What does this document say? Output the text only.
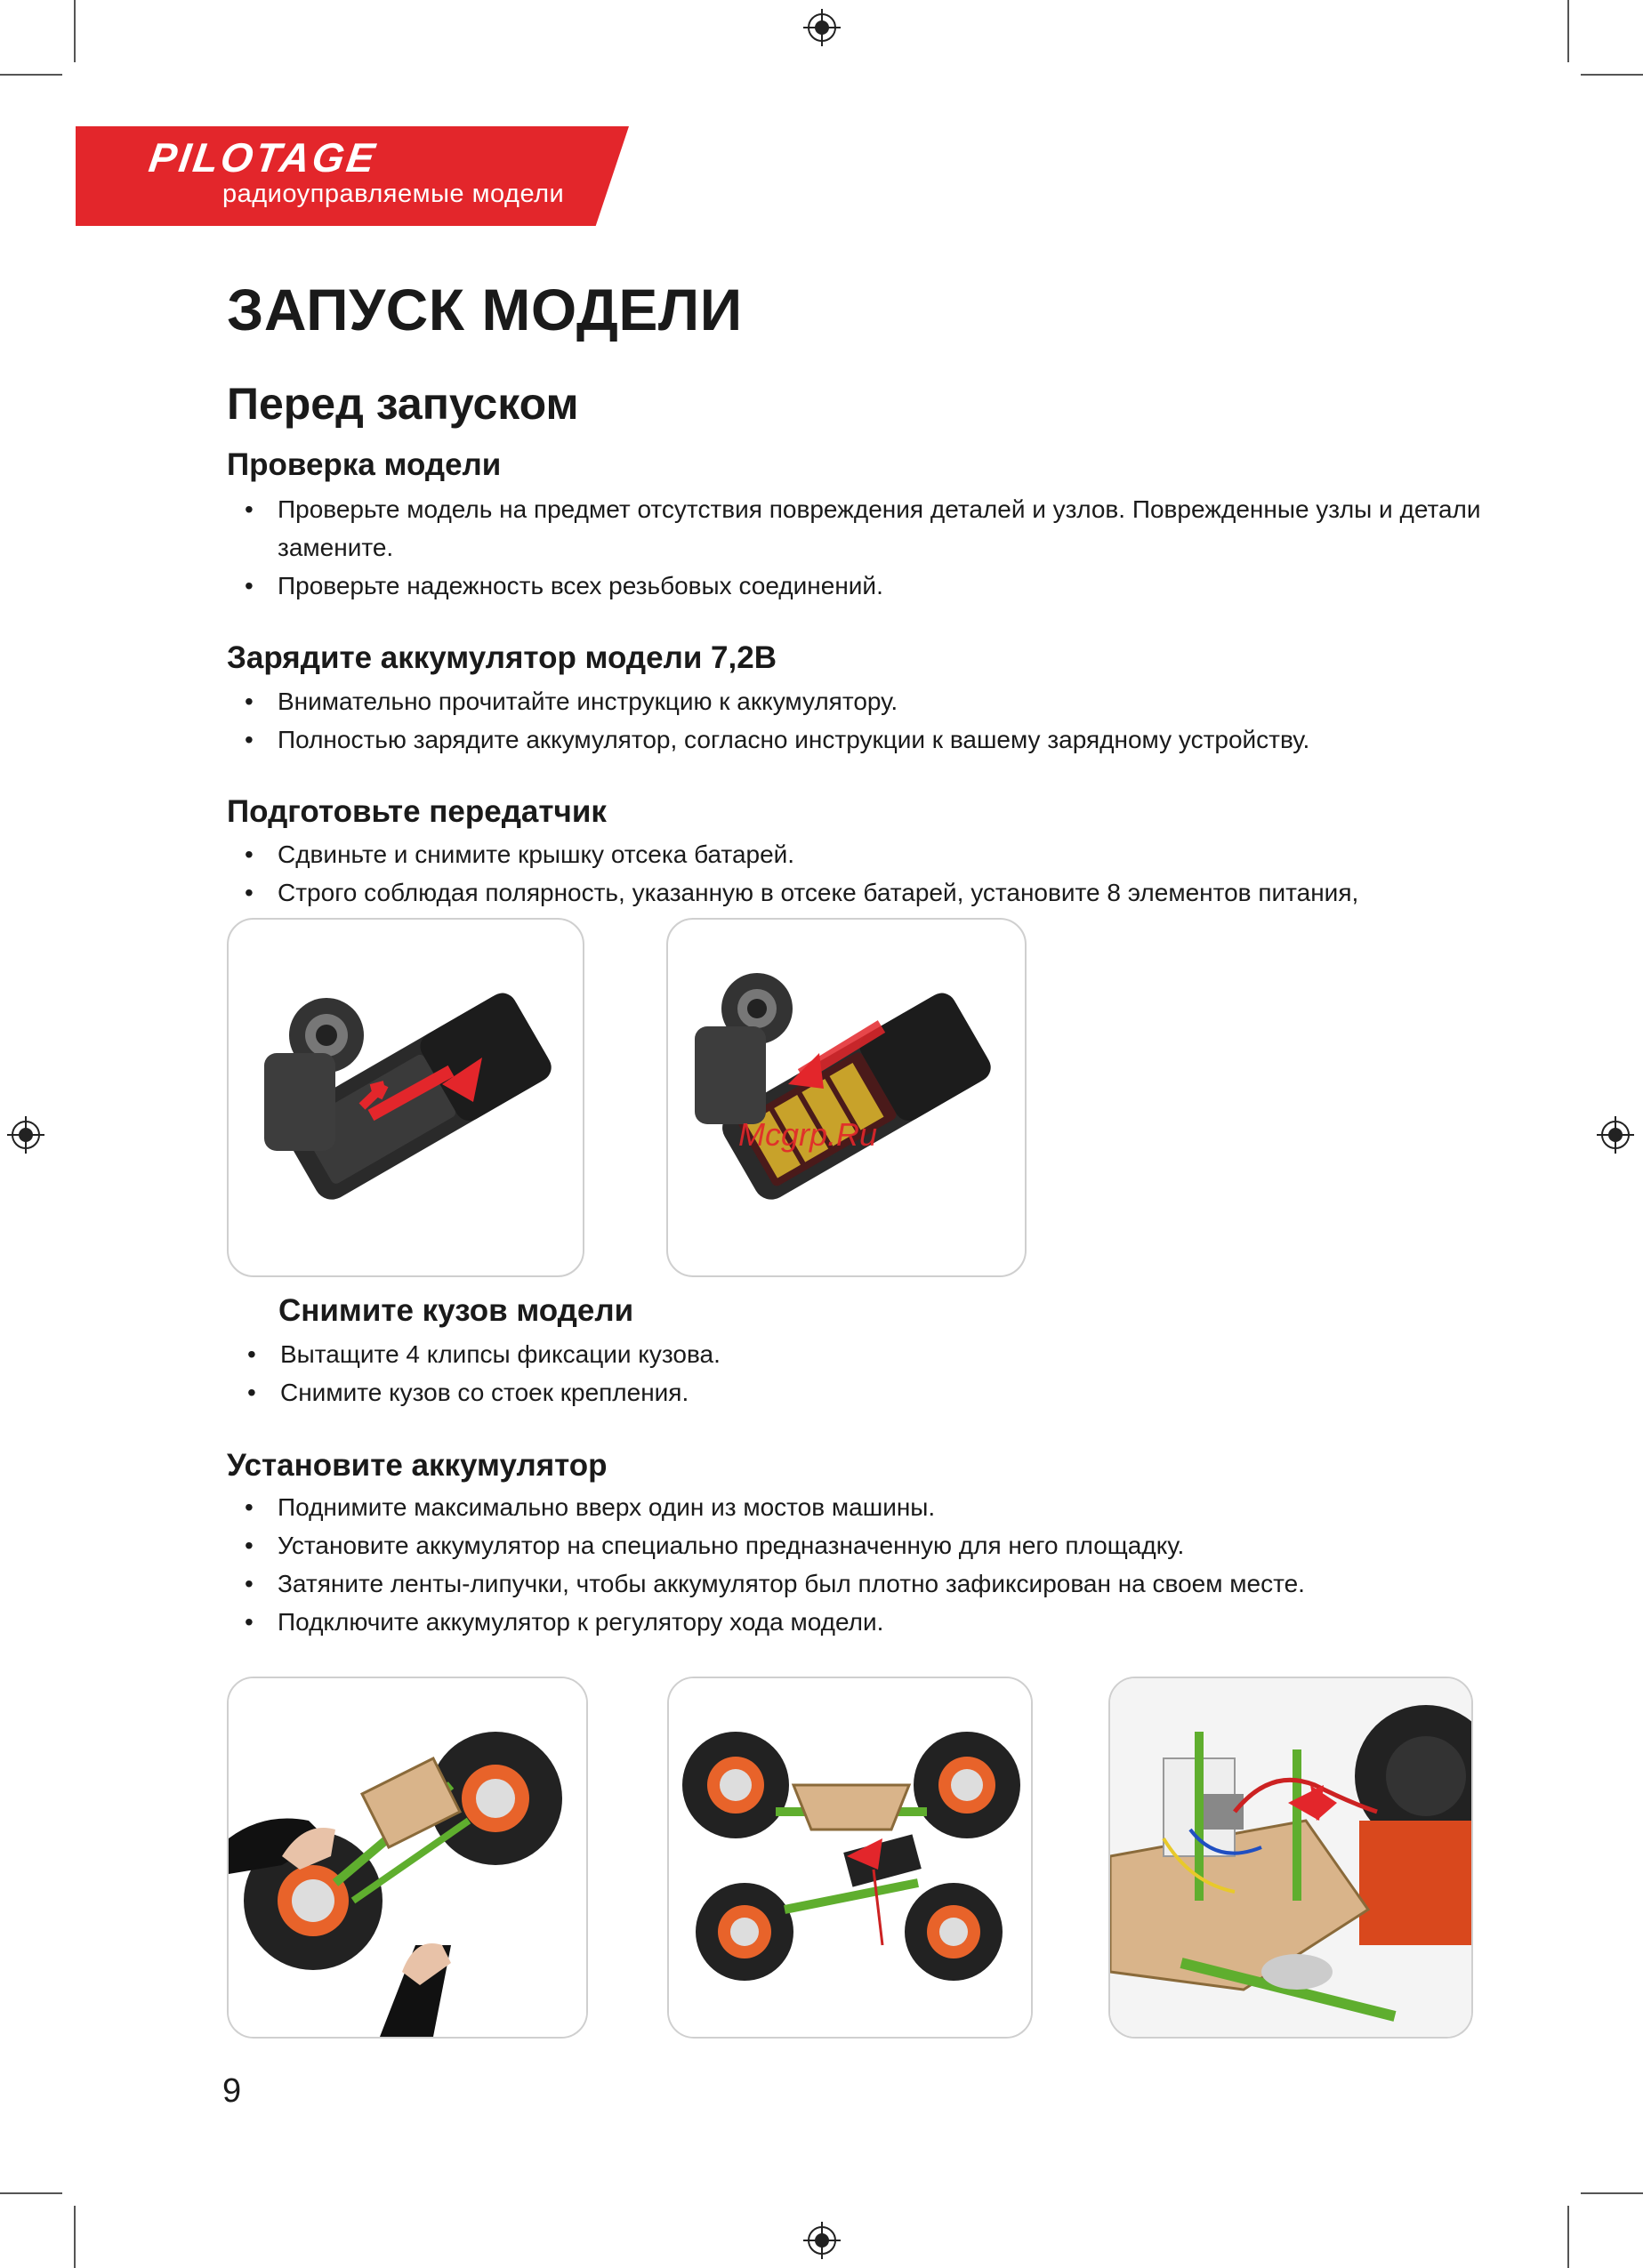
PILOTAGE
радиоуправляемые модели
ЗАПУСК МОДЕЛИ
Перед запуском
Проверка модели
• Проверьте модель на предмет отсутствия повреждения деталей и узлов. Поврежденные узлы и детали замените.
• Проверьте надежность всех резьбовых соединений.
Зарядите аккумулятор модели 7,2В
• Внимательно прочитайте инструкцию к аккумулятору.
• Полностью зарядите аккумулятор, согласно инструкции к вашему зарядному устройству.
Подготовьте передатчик
• Сдвиньте и снимите крышку отсека батарей.
• Строго соблюдая полярность, указанную в отсеке батарей, установите 8 элементов питания,
Mcgrp.Ru
Снимите кузов модели
• Вытащите 4 клипсы фиксации кузова.
• Снимите кузов со стоек крепления.
Установите аккумулятор
• Поднимите максимально вверх один из мостов машины.
• Установите аккумулятор на специально предназначенную для него площадку.
• Затяните ленты-липучки, чтобы аккумулятор был плотно зафиксирован на своем месте.
• Подключите аккумулятор к регулятору хода модели.
9
